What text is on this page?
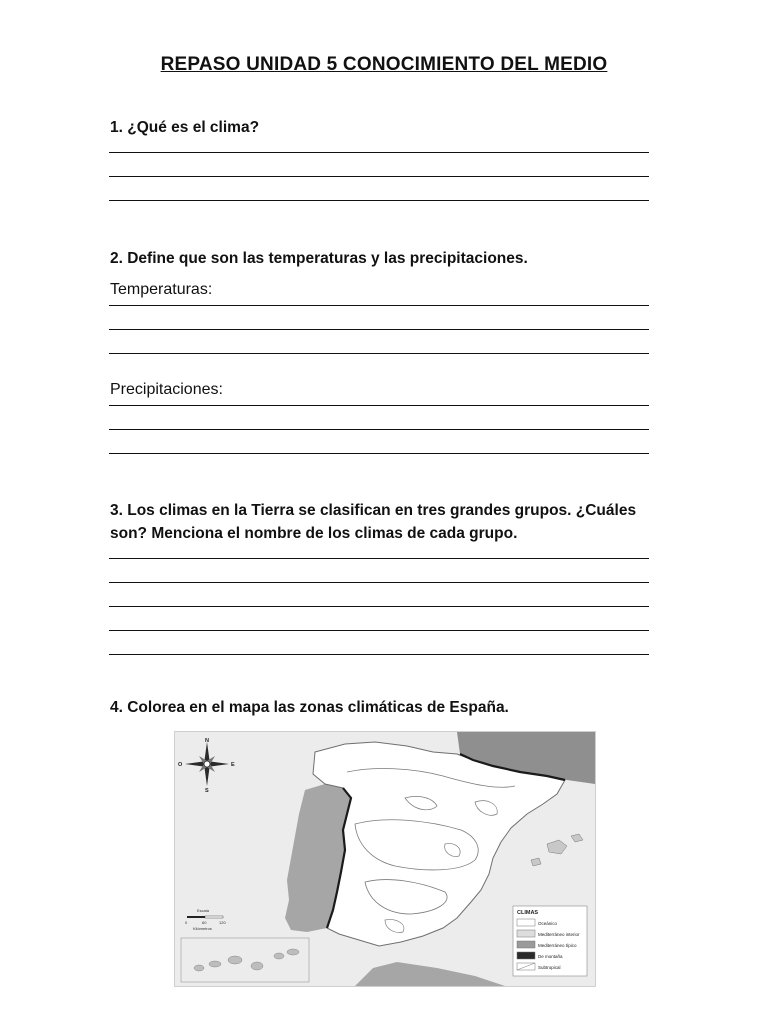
REPASO UNIDAD 5 CONOCIMIENTO DEL MEDIO
1. ¿Qué es el clima?
2. Define que son las temperaturas y las precipitaciones.
Temperaturas:
Precipitaciones:
3. Los climas en la Tierra se clasifican en tres grandes grupos. ¿Cuáles son? Menciona el nombre de los climas de cada grupo.
4. Colorea en el mapa las zonas climáticas de España.
N
S
E
O
Escala
0	60	120
Kilómetros
CLIMAS
Oceánico
Mediterráneo interior
Mediterráneo típico
De montaña
Subtropical
